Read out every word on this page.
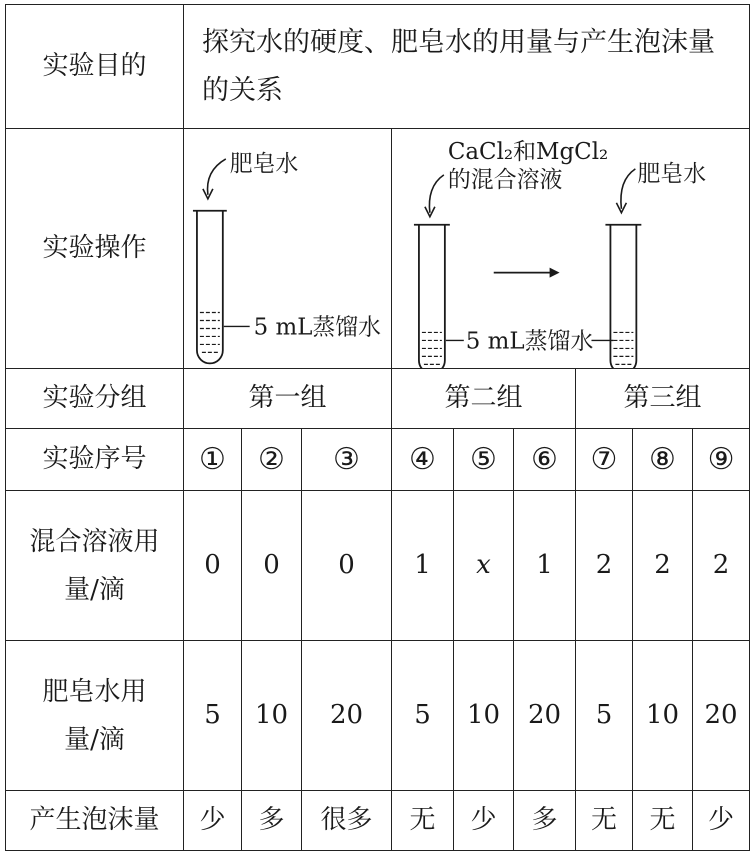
实验目的	探究水的硬度、肥皂水的用量与产生泡沫量的关系								
实验操作	肥皂水
5 mL蒸馏水			CaCl₂和MgCl₂
的混合溶液
5 mL蒸馏水
肥皂水					

实验分组	第一组			第二组			第三组		
实验序号	①	②	③	④	⑤	⑥	⑦	⑧	⑨
混合溶液用量/滴	0	0	0	1	x	1	2	2	2
肥皂水用量/滴	5	10	20	5	10	20	5	10	20
产生泡沫量	少	多	很多	无	少	多	无	无	少
